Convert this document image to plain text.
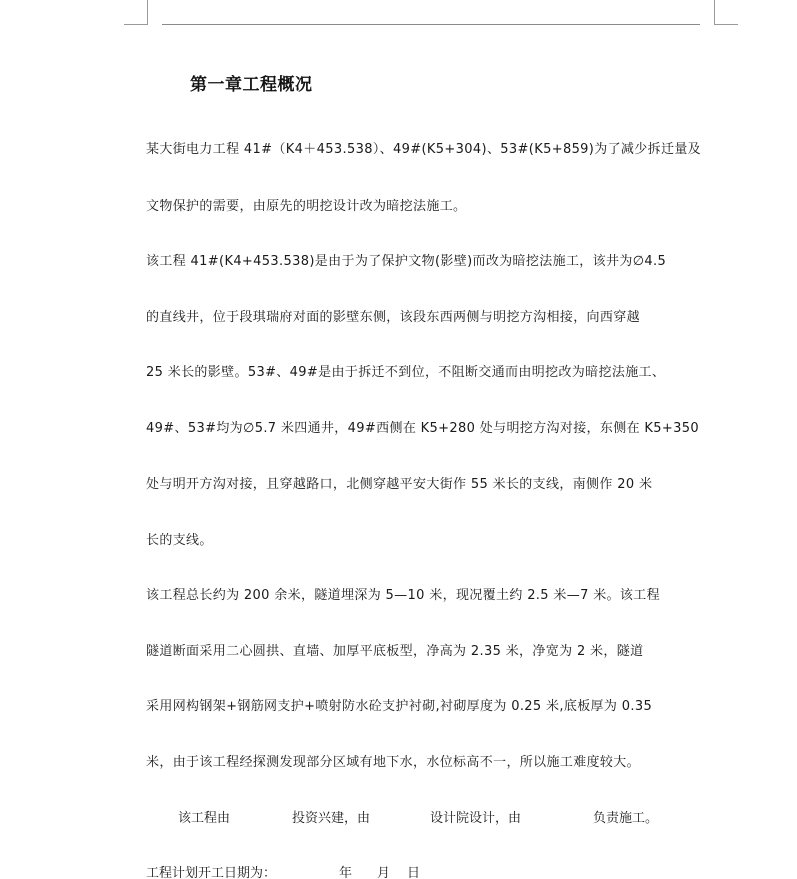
第一章工程概况
某大街电力工程 41#（K4＋453.538）、49#(K5+304)、53#(K5+859)为了减少拆迁量及
文物保护的需要，由原先的明挖设计改为暗挖法施工。
该工程 41#(K4+453.538)是由于为了保护文物(影壁)而改为暗挖法施工，该井为∅4.5
的直线井，位于段琪瑞府对面的影壁东侧，该段东西两侧与明挖方沟相接，向西穿越
25 米长的影壁。53#、49#是由于拆迁不到位，不阻断交通而由明挖改为暗挖法施工、
49#、53#均为∅5.7 米四通井，49#西侧在 K5+280 处与明挖方沟对接，东侧在 K5+350
处与明开方沟对接，且穿越路口，北侧穿越平安大街作 55 米长的支线，南侧作 20 米
长的支线。
该工程总长约为 200 余米，隧道埋深为 5—10 米，现况覆土约 2.5 米—7 米。该工程
隧道断面采用二心圆拱、直墙、加厚平底板型，净高为 2.35 米，净宽为 2 米，隧道
采用网构钢架+钢筋网支护+喷射防水砼支护衬砌,衬砌厚度为 0.25 米,底板厚为 0.35
米，由于该工程经探测发现部分区域有地下水，水位标高不一，所以施工难度较大。
该工程由	投资兴建，由	设计院设计，由	负责施工。
工程计划开工日期为：	年 月 日
